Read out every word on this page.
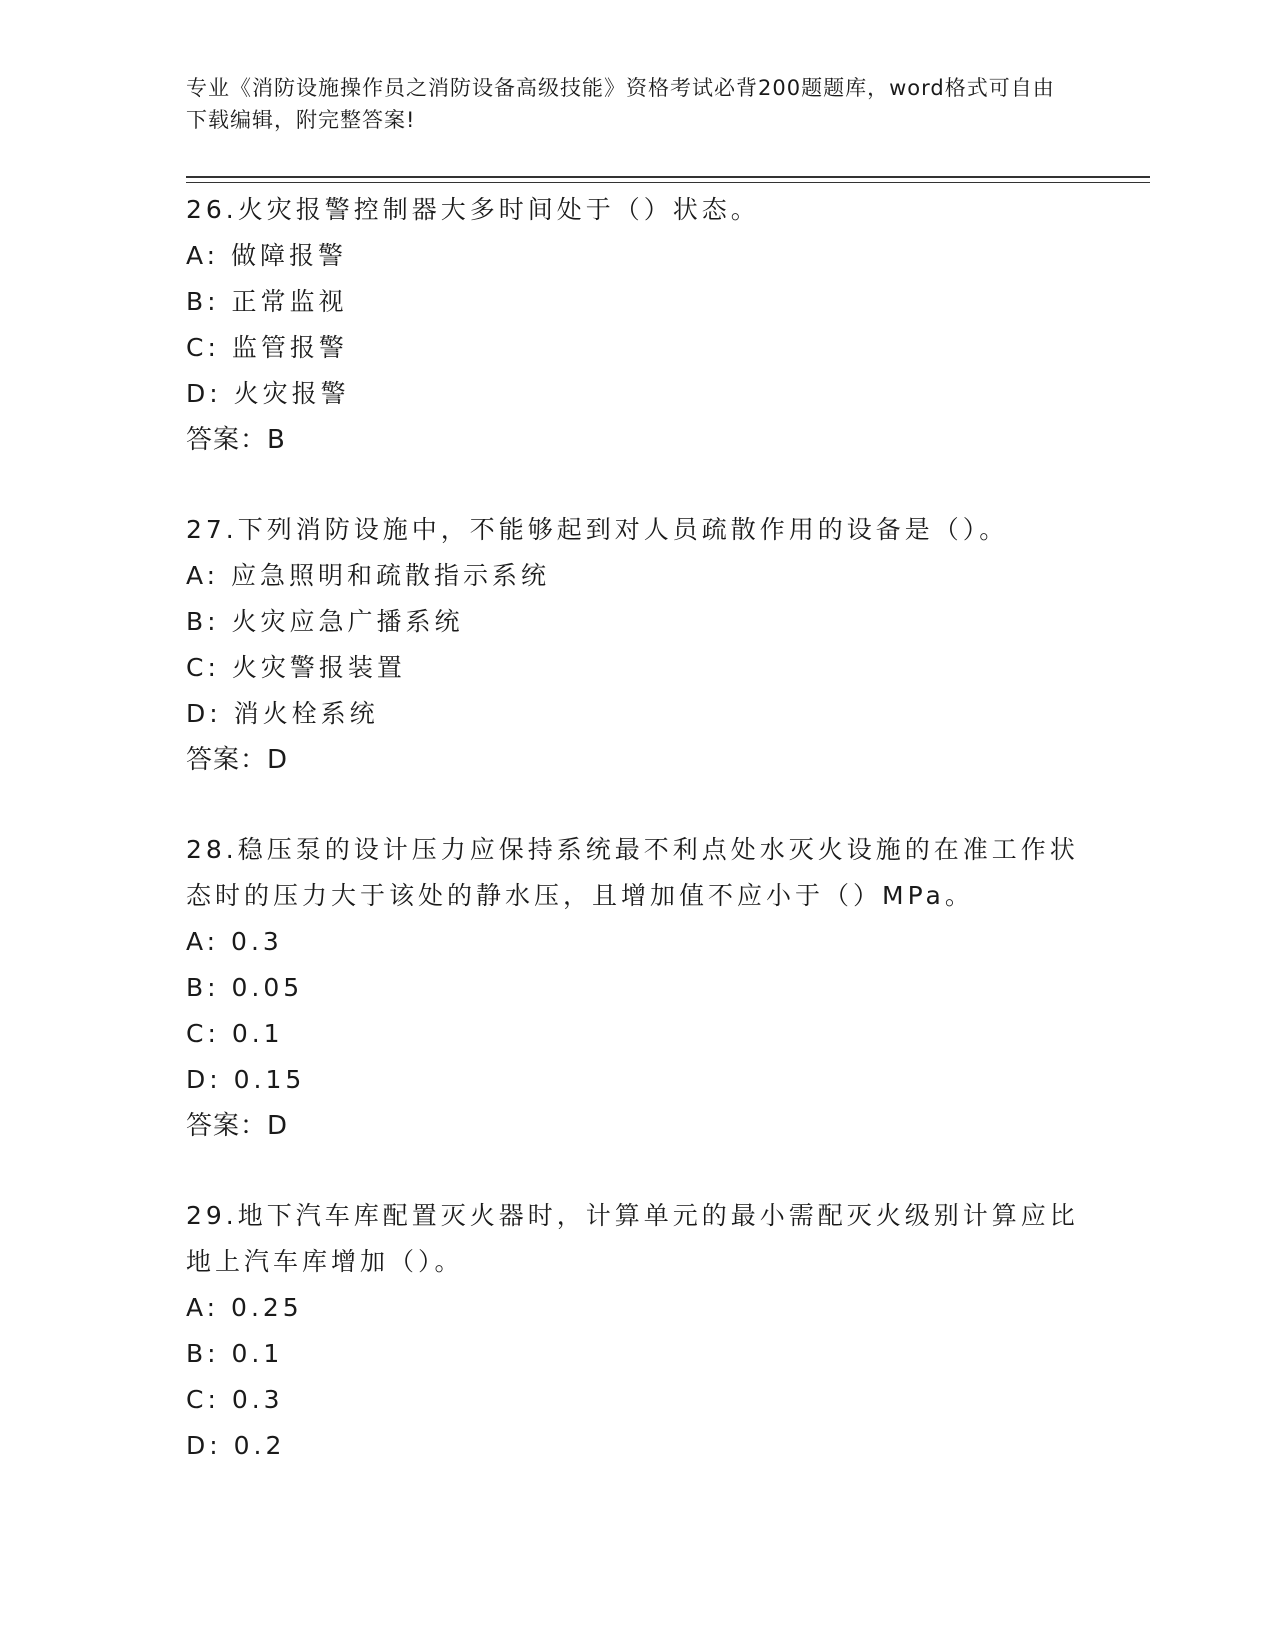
专业《消防设施操作员之消防设备高级技能》资格考试必背200题题库，word格式可自由下载编辑，附完整答案!

26.火灾报警控制器大多时间处于（）状态。

A: 做障报警

B: 正常监视

C: 监管报警

D: 火灾报警

答案：B

27.下列消防设施中，不能够起到对人员疏散作用的设备是（）。

A: 应急照明和疏散指示系统

B: 火灾应急广播系统

C: 火灾警报装置

D: 消火栓系统

答案：D

28.稳压泵的设计压力应保持系统最不利点处水灭火设施的在准工作状态时的压力大于该处的静水压，且增加值不应小于（）MPa。

A: 0.3

B: 0.05

C: 0.1

D: 0.15

答案：D

29.地下汽车库配置灭火器时，计算单元的最小需配灭火级别计算应比地上汽车库增加（）。

A: 0.25

B: 0.1

C: 0.3

D: 0.2
